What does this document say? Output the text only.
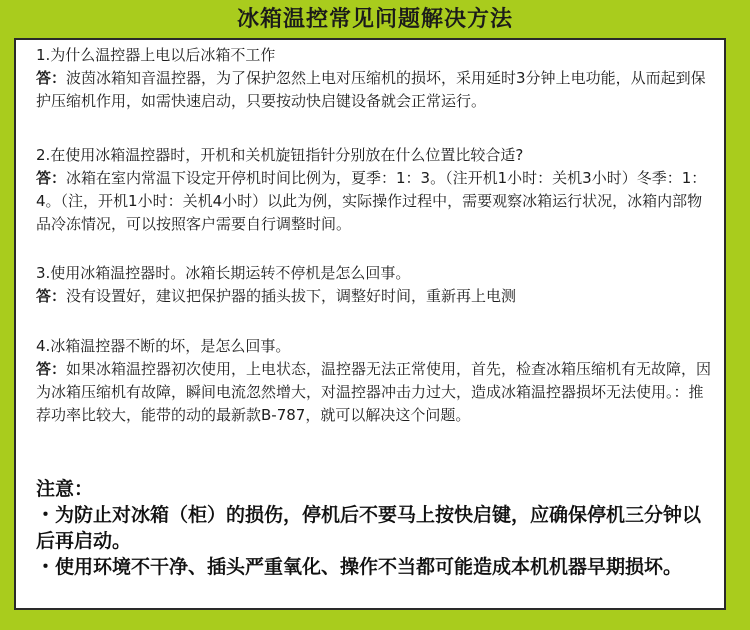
冰箱温控常见问题解决方法
1.为什么温控器上电以后冰箱不工作
答：波茵冰箱知音温控器，为了保护忽然上电对压缩机的损坏，采用延时3分钟上电功能，从而起到保护压缩机作用，如需快速启动，只要按动快启键设备就会正常运行。
2.在使用冰箱温控器时，开机和关机旋钮指针分别放在什么位置比较合适?
答：冰箱在室内常温下设定开停机时间比例为，夏季：1：3。（注开机1小时：关机3小时）冬季：1：4。（注，开机1小时：关机4小时）以此为例，实际操作过程中，需要观察冰箱运行状况，冰箱内部物品冷冻情况，可以按照客户需要自行调整时间。
3.使用冰箱温控器时。冰箱长期运转不停机是怎么回事。
答：没有设置好，建议把保护器的插头拔下，调整好时间，重新再上电测
4.冰箱温控器不断的坏，是怎么回事。
答：如果冰箱温控器初次使用，上电状态，温控器无法正常使用，首先，检查冰箱压缩机有无故障，因为冰箱压缩机有故障，瞬间电流忽然增大，对温控器冲击力过大，造成冰箱温控器损坏无法使用。：推荐功率比较大，能带的动的最新款B-787，就可以解决这个问题。
注意：
・为防止对冰箱（柜）的损伤，停机后不要马上按快启键，应确保停机三分钟以后再启动。
・使用环境不干净、插头严重氧化、操作不当都可能造成本机机器早期损坏。
